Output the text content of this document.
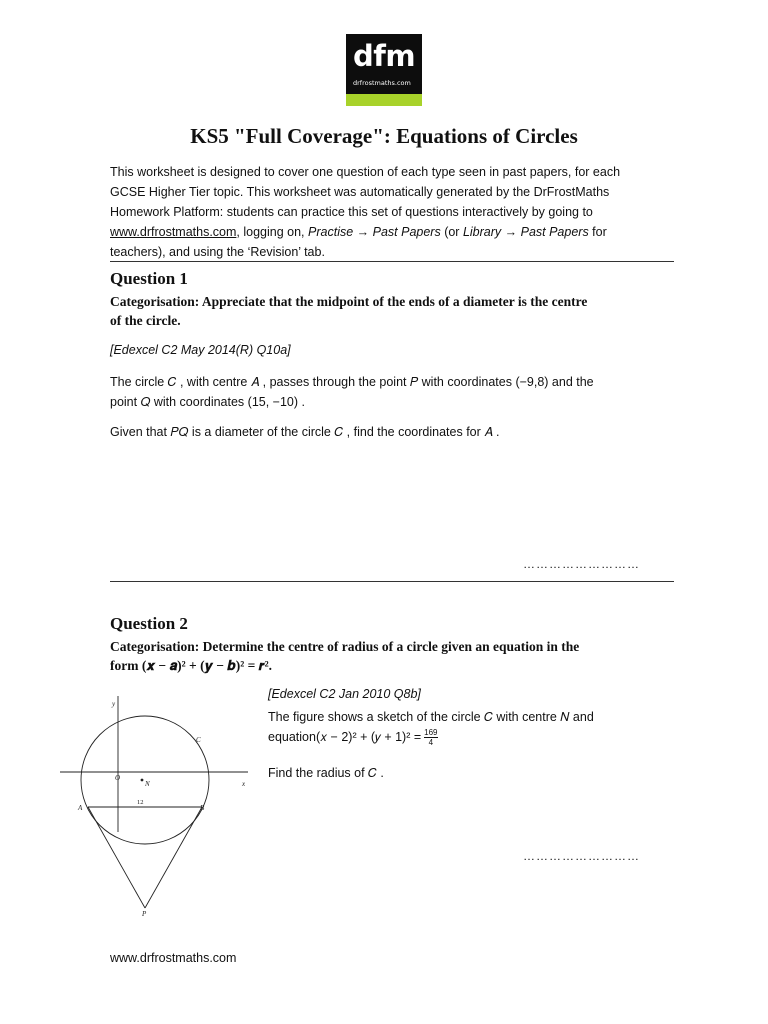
dfm
drfrostmaths.com
KS5 "Full Coverage": Equations of Circles
This worksheet is designed to cover one question of each type seen in past papers, for each
GCSE Higher Tier topic. This worksheet was automatically generated by the DrFrostMaths
Homework Platform: students can practice this set of questions interactively by going to
www.drfrostmaths.com, logging on, Practise → Past Papers (or Library → Past Papers for
teachers), and using the ‘Revision’ tab.
Question 1
Categorisation: Appreciate that the midpoint of the ends of a diameter is the centre
of the circle.
[Edexcel C2 May 2014(R) Q10a]
The circle 𝐶 , with centre 𝐴 , passes through the point 𝑃 with coordinates (−9,8) and the
point 𝑄 with coordinates (15, −10) .
Given that 𝑃𝑄 is a diameter of the circle 𝐶 , find the coordinates for 𝐴 .
………………………
Question 2
Categorisation: Determine the centre of radius of a circle given an equation in the
form (𝒙 − 𝒂)² + (𝒚 − 𝒃)² = 𝒓².
[Edexcel C2 Jan 2010 Q8b]
The figure shows a sketch of the circle 𝐶 with centre 𝑁 and
equation(𝑥 − 2)² + (𝑦 + $1)^2 = \frac{169}{4}$
Find the radius of 𝐶 .
………………………
y
x
C
O
N
A	B
P
12
www.drfrostmaths.com
